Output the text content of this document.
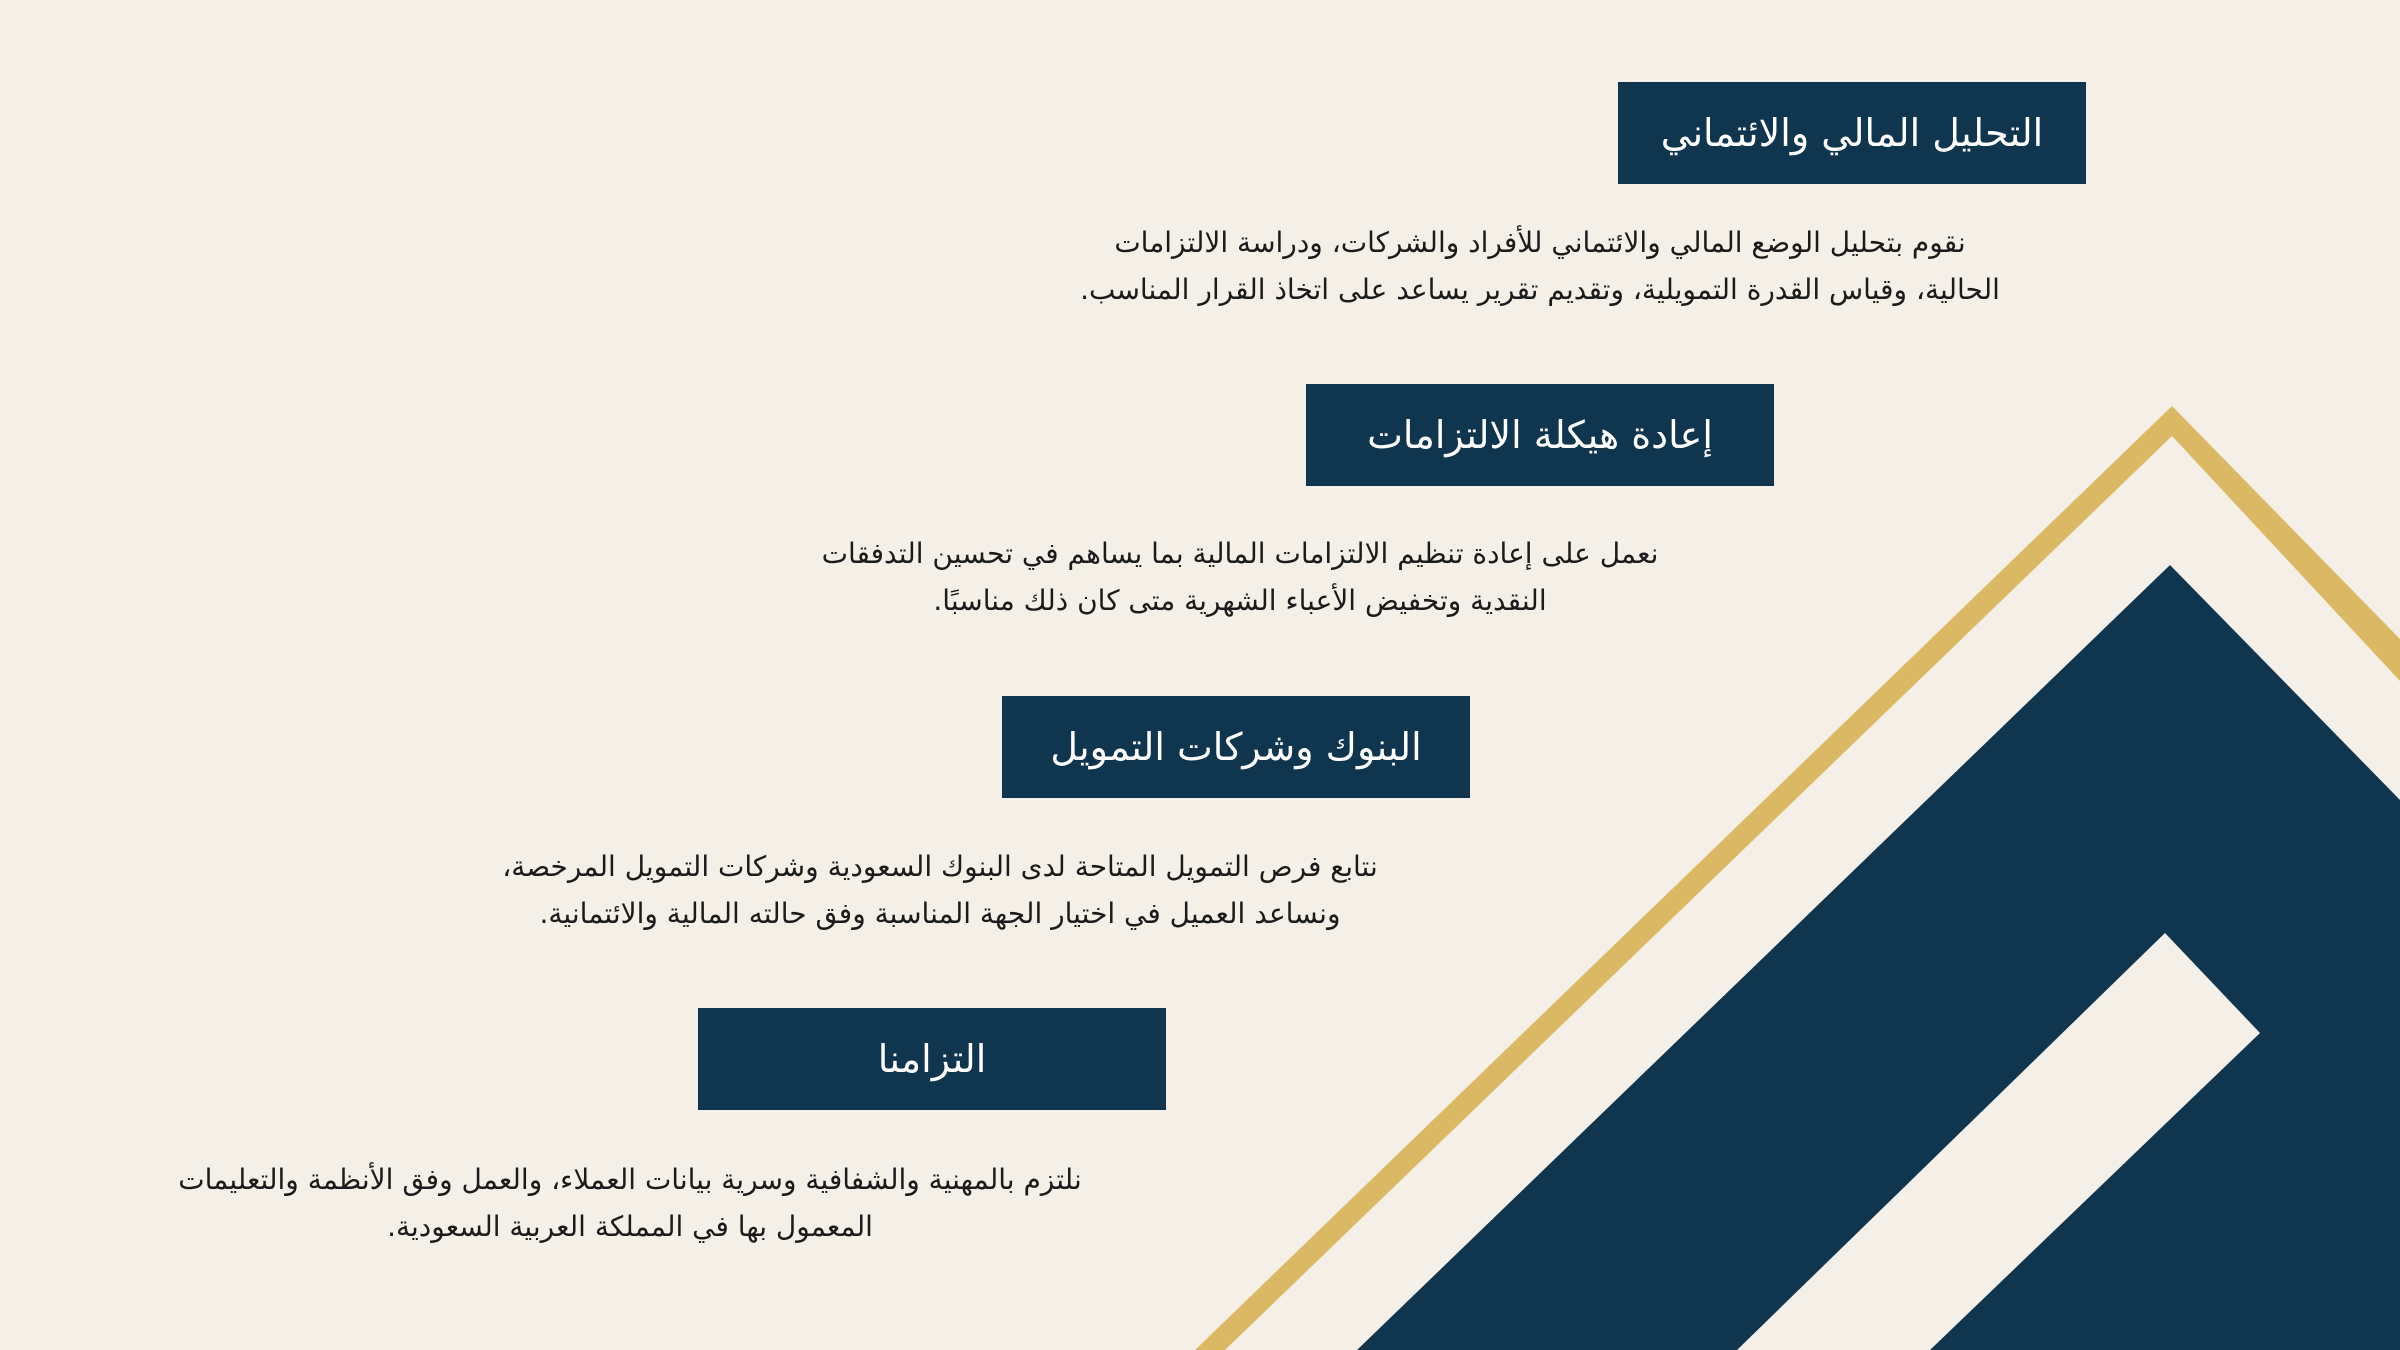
التحليل المالي والائتماني
نقوم بتحليل الوضع المالي والائتماني للأفراد والشركات، ودراسة الالتزامات
الحالية، وقياس القدرة التمويلية، وتقديم تقرير يساعد على اتخاذ القرار المناسب.
إعادة هيكلة الالتزامات
نعمل على إعادة تنظيم الالتزامات المالية بما يساهم في تحسين التدفقات
النقدية وتخفيض الأعباء الشهرية متى كان ذلك مناسبًا.
البنوك وشركات التمويل
نتابع فرص التمويل المتاحة لدى البنوك السعودية وشركات التمويل المرخصة،
ونساعد العميل في اختيار الجهة المناسبة وفق حالته المالية والائتمانية.
التزامنا
نلتزم بالمهنية والشفافية وسرية بيانات العملاء، والعمل وفق الأنظمة والتعليمات
المعمول بها في المملكة العربية السعودية.
